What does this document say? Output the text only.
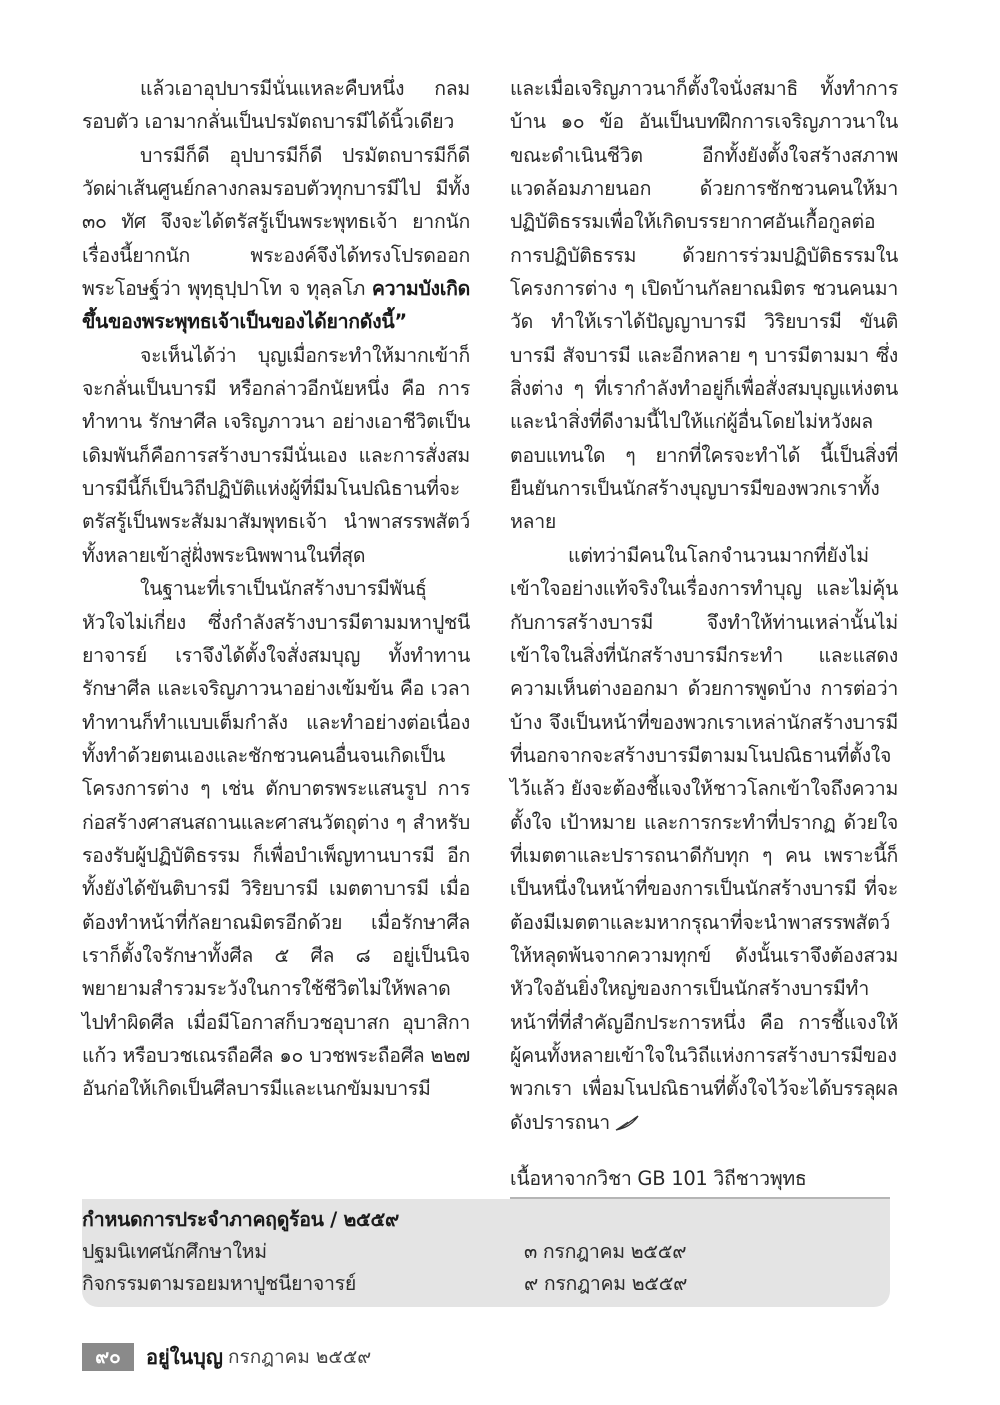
แล้วเอาอุปบารมีนั่นแหละคืบหนึ่ง กลมรอบตัว เอามากลั่นเป็นปรมัตถบารมีได้นิ้วเดียว

บารมีก็ดี อุปบารมีก็ดี ปรมัตถบารมีก็ดี วัดผ่าเส้นศูนย์กลางกลมรอบตัวทุกบารมีไป มีทั้ง ๓๐ ทัศ จึงจะได้ตรัสรู้เป็นพระพุทธเจ้า ยากนัก เรื่องนี้ยากนัก พระองค์จึงได้ทรงโปรดออกพระโอษฐ์ว่า พุทฺธุปฺปาโท จ ทุลฺลโภ ความบังเกิดขึ้นของพระพุทธเจ้าเป็นของได้ยากดังนี้”

จะเห็นได้ว่า บุญเมื่อกระทำให้มากเข้าก็จะกลั่นเป็นบารมี หรือกล่าวอีกนัยหนึ่ง คือ การทำทาน รักษาศีล เจริญภาวนา อย่างเอาชีวิตเป็นเดิมพันก็คือการสร้างบารมีนั่นเอง และการสั่งสมบารมีนี้ก็เป็นวิถีปฏิบัติแห่งผู้ที่มีมโนปณิธานที่จะตรัสรู้เป็นพระสัมมาสัมพุทธเจ้า นำพาสรรพสัตว์ทั้งหลายเข้าสู่ฝั่งพระนิพพานในที่สุด

ในฐานะที่เราเป็นนักสร้างบารมีพันธุ์หัวใจไม่เกี่ยง ซึ่งกำลังสร้างบารมีตามมหาปูชนียาจารย์ เราจึงได้ตั้งใจสั่งสมบุญ ทั้งทำทาน รักษาศีล และเจริญภาวนาอย่างเข้มข้น คือ เวลาทำทานก็ทำแบบเต็มกำลัง และทำอย่างต่อเนื่อง ทั้งทำด้วยตนเองและชักชวนคนอื่นจนเกิดเป็นโครงการต่าง ๆ เช่น ตักบาตรพระแสนรูป การก่อสร้างศาสนสถานและศาสนวัตถุต่าง ๆ สำหรับรองรับผู้ปฏิบัติธรรม ก็เพื่อบำเพ็ญทานบารมี อีกทั้งยังได้ขันติบารมี วิริยบารมี เมตตาบารมี เมื่อต้องทำหน้าที่กัลยาณมิตรอีกด้วย เมื่อรักษาศีล เราก็ตั้งใจรักษาทั้งศีล ๕ ศีล ๘ อยู่เป็นนิจ พยายามสำรวมระวังในการใช้ชีวิตไม่ให้พลาดไปทำผิดศีล เมื่อมีโอกาสก็บวชอุบาสก อุบาสิกาแก้ว หรือบวชเณรถือศีล ๑๐ บวชพระถือศีล ๒๒๗ อันก่อให้เกิดเป็นศีลบารมีและเนกขัมมบารมี

และเมื่อเจริญภาวนาก็ตั้งใจนั่งสมาธิ ทั้งทำการบ้าน ๑๐ ข้อ อันเป็นบทฝึกการเจริญภาวนาในขณะดำเนินชีวิต อีกทั้งยังตั้งใจสร้างสภาพแวดล้อมภายนอก ด้วยการชักชวนคนให้มาปฏิบัติธรรมเพื่อให้เกิดบรรยากาศอันเกื้อกูลต่อการปฏิบัติธรรม ด้วยการร่วมปฏิบัติธรรมในโครงการต่าง ๆ เปิดบ้านกัลยาณมิตร ชวนคนมาวัด ทำให้เราได้ปัญญาบารมี วิริยบารมี ขันติบารมี สัจบารมี และอีกหลาย ๆ บารมีตามมา ซึ่งสิ่งต่าง ๆ ที่เรากำลังทำอยู่ก็เพื่อสั่งสมบุญแห่งตน และนำสิ่งที่ดีงามนี้ไปให้แก่ผู้อื่นโดยไม่หวังผลตอบแทนใด ๆ ยากที่ใครจะทำได้ นี้เป็นสิ่งที่ยืนยันการเป็นนักสร้างบุญบารมีของพวกเราทั้งหลาย

แต่ทว่ามีคนในโลกจำนวนมากที่ยังไม่เข้าใจอย่างแท้จริงในเรื่องการทำบุญ และไม่คุ้นกับการสร้างบารมี จึงทำให้ท่านเหล่านั้นไม่เข้าใจในสิ่งที่นักสร้างบารมีกระทำ และแสดงความเห็นต่างออกมา ด้วยการพูดบ้าง การต่อว่าบ้าง จึงเป็นหน้าที่ของพวกเราเหล่านักสร้างบารมี ที่นอกจากจะสร้างบารมีตามมโนปณิธานที่ตั้งใจไว้แล้ว ยังจะต้องชี้แจงให้ชาวโลกเข้าใจถึงความตั้งใจ เป้าหมาย และการกระทำที่ปรากฏ ด้วยใจที่เมตตาและปรารถนาดีกับทุก ๆ คน เพราะนี้ก็เป็นหนึ่งในหน้าที่ของการเป็นนักสร้างบารมี ที่จะต้องมีเมตตาและมหากรุณาที่จะนำพาสรรพสัตว์ให้หลุดพ้นจากความทุกข์ ดังนั้นเราจึงต้องสวมหัวใจอันยิ่งใหญ่ของการเป็นนักสร้างบารมีทำหน้าที่ที่สำคัญอีกประการหนึ่ง คือ การชี้แจงให้ผู้คนทั้งหลายเข้าใจในวิถีแห่งการสร้างบารมีของพวกเรา เพื่อมโนปณิธานที่ตั้งใจไว้จะได้บรรลุผลดังปรารถนา

เนื้อหาจากวิชา GB 101 วิถีชาวพุทธ
กำหนดการประจำภาคฤดูร้อน / ๒๕๕๙
ปฐมนิเทศนักศึกษาใหม่	๓ กรกฎาคม ๒๕๕๙
กิจกรรมตามรอยมหาปูชนียาจารย์	๙ กรกฎาคม ๒๕๕๙
๙๐	อยู่ในบุญ กรกฎาคม ๒๕๕๙
